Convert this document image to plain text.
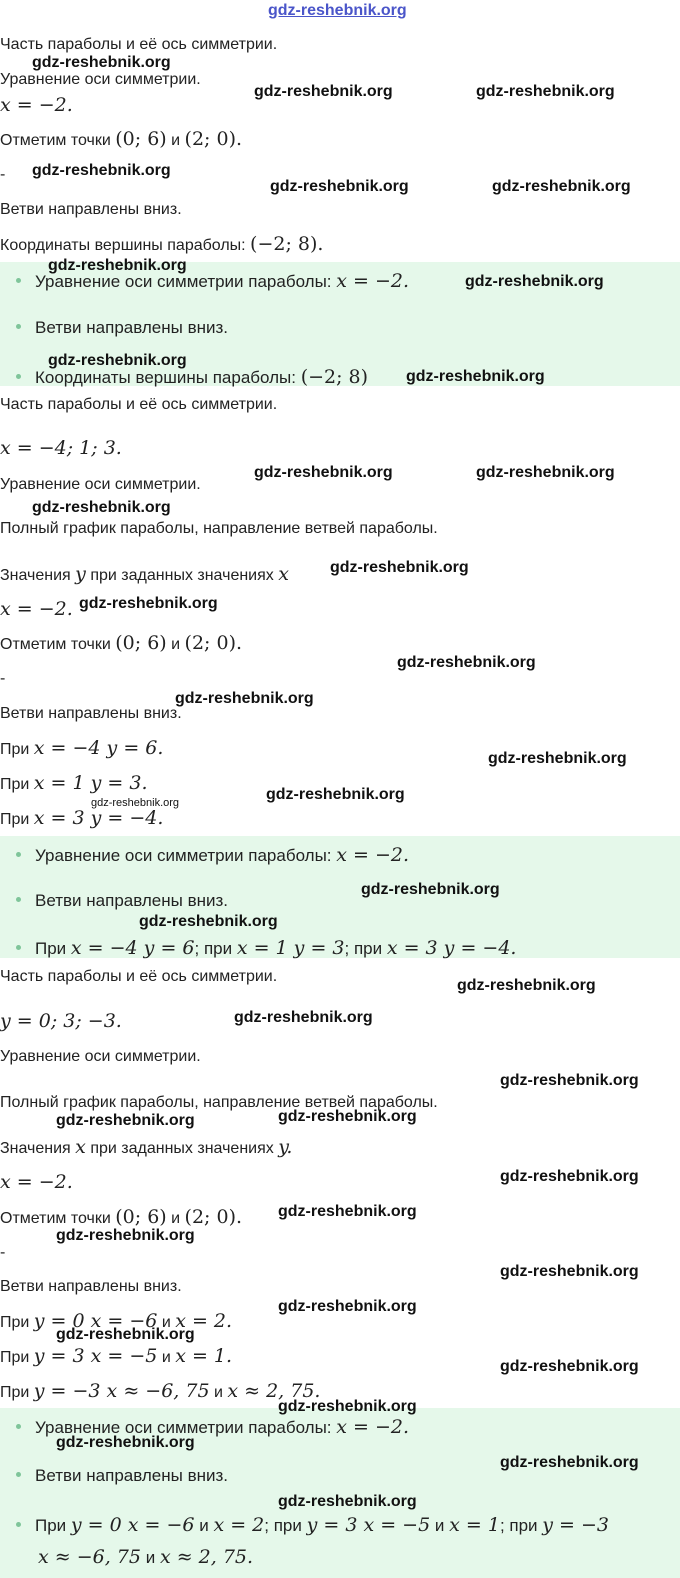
gdz-reshebnik.org
Часть параболы и её ось симметрии.
Уравнение оси симметрии.
x = −2.
Отметим точки (0; 6) и (2; 0).
-
Ветви направлены вниз.
Координаты вершины параболы: (−2; 8).
Уравнение оси симметрии параболы: x = −2.
Ветви направлены вниз.
Координаты вершины параболы: (−2; 8)
Часть параболы и её ось симметрии.
x = −4; 1; 3.
Уравнение оси симметрии.
Полный график параболы, направление ветвей параболы.
Значения y при заданных значениях x
x = −2.
Отметим точки (0; 6) и (2; 0).
-
Ветви направлены вниз.
При x = −4 y = 6.
При x = 1 y = 3.
При x = 3 y = −4.
Уравнение оси симметрии параболы: x = −2.
Ветви направлены вниз.
При x = −4 y = 6; при x = 1 y = 3; при x = 3 y = −4.
Часть параболы и её ось симметрии.
y = 0; 3; −3.
Уравнение оси симметрии.
Полный график параболы, направление ветвей параболы.
Значения x при заданных значениях y.
x = −2.
Отметим точки (0; 6) и (2; 0).
-
Ветви направлены вниз.
При y = 0 x = −6 и x = 2.
При y = 3 x = −5 и x = 1.
При y = −3 x ≈ −6, 75 и x ≈ 2, 75.
Уравнение оси симметрии параболы: x = −2.
Ветви направлены вниз.
При y = 0 x = −6 и x = 2; при y = 3 x = −5 и x = 1; при y = −3
x ≈ −6, 75 и x ≈ 2, 75.
gdz-reshebnik.org
gdz-reshebnik.org	gdz-reshebnik.org
gdz-reshebnik.org
gdz-reshebnik.org	gdz-reshebnik.org
gdz-reshebnik.org
gdz-reshebnik.org
gdz-reshebnik.org
gdz-reshebnik.org
gdz-reshebnik.org	gdz-reshebnik.org
gdz-reshebnik.org
gdz-reshebnik.org
gdz-reshebnik.org
gdz-reshebnik.org
gdz-reshebnik.org
gdz-reshebnik.org
gdz-reshebnik.org
gdz-reshebnik.org
gdz-reshebnik.org
gdz-reshebnik.org
gdz-reshebnik.org
gdz-reshebnik.org
gdz-reshebnik.org
gdz-reshebnik.org
gdz-reshebnik.org
gdz-reshebnik.org
gdz-reshebnik.org
gdz-reshebnik.org
gdz-reshebnik.org
gdz-reshebnik.org
gdz-reshebnik.org
gdz-reshebnik.org
gdz-reshebnik.org
gdz-reshebnik.org
gdz-reshebnik.org
gdz-reshebnik.org
